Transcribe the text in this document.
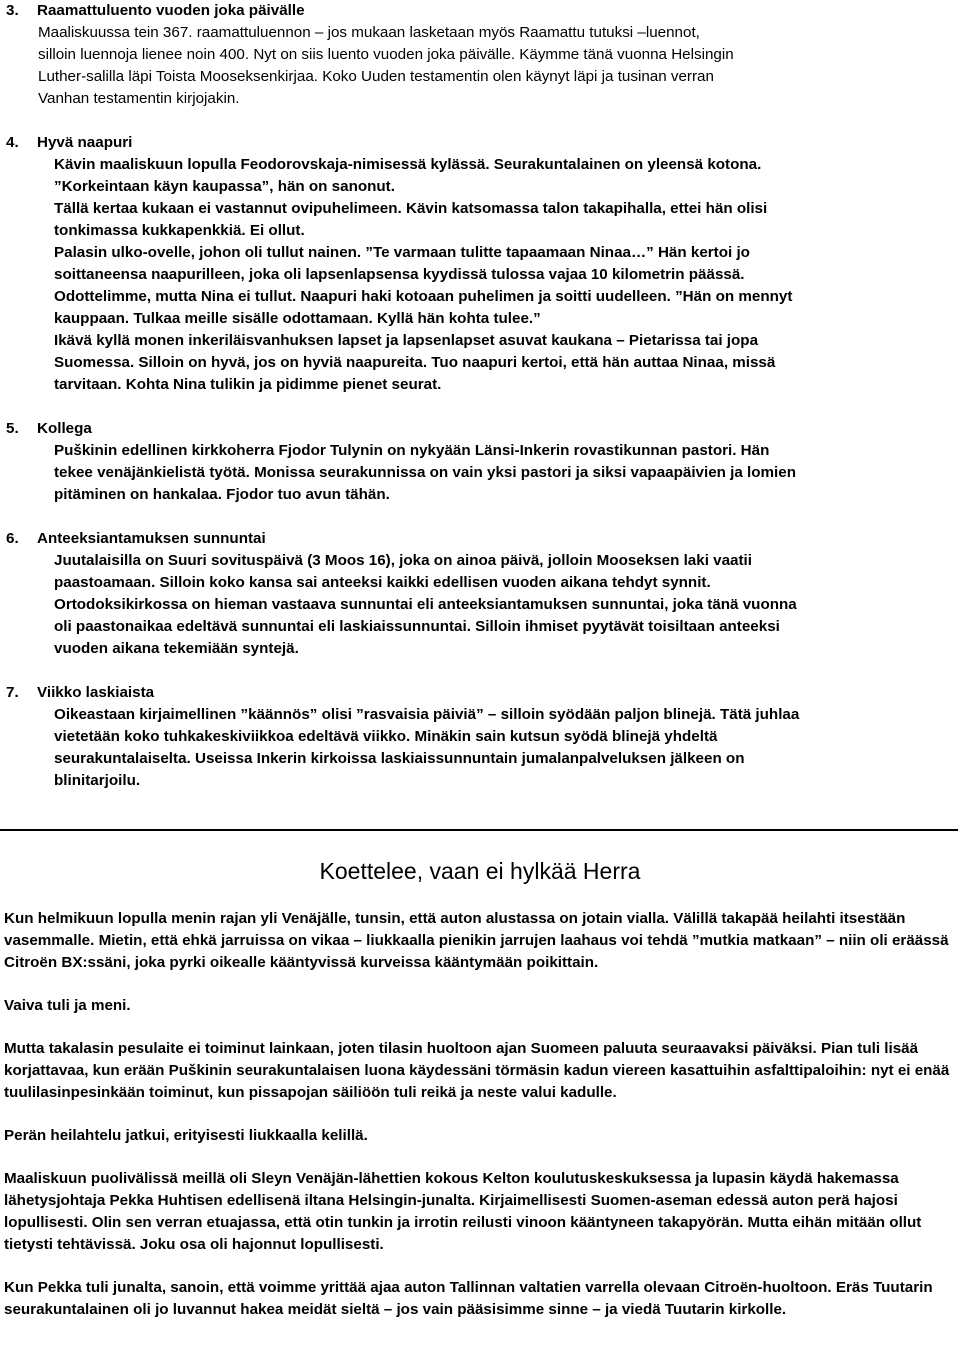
3. Raamattuluento vuoden joka päivälle

Maaliskuussa tein 367. raamattuluennon – jos mukaan lasketaan myös Raamattu tutuksi –luennot,

silloin luennoja lienee noin 400. Nyt on siis luento vuoden joka päivälle. Käymme tänä vuonna Helsingin

Luther-salilla läpi Toista Mooseksenkirjaa. Koko Uuden testamentin olen käynyt läpi ja tusinan verran

Vanhan testamentin kirjojakin.

4. Hyvä naapuri

Kävin maaliskuun lopulla Feodorovskaja-nimisessä kylässä. Seurakuntalainen on yleensä kotona.

”Korkeintaan käyn kaupassa”, hän on sanonut.

Tällä kertaa kukaan ei vastannut ovipuhelimeen. Kävin katsomassa talon takapihalla, ettei hän olisi

tonkimassa kukkapenkkiä. Ei ollut.

Palasin ulko-ovelle, johon oli tullut nainen. ”Te varmaan tulitte tapaamaan Ninaa…” Hän kertoi jo

soittaneensa naapurilleen, joka oli lapsenlapsensa kyydissä tulossa vajaa 10 kilometrin päässä.

Odottelimme, mutta Nina ei tullut. Naapuri haki kotoaan puhelimen ja soitti uudelleen. ”Hän on mennyt

kauppaan. Tulkaa meille sisälle odottamaan. Kyllä hän kohta tulee.”

Ikävä kyllä monen inkeriläisvanhuksen lapset ja lapsenlapset asuvat kaukana – Pietarissa tai jopa

Suomessa. Silloin on hyvä, jos on hyviä naapureita. Tuo naapuri kertoi, että hän auttaa Ninaa, missä

tarvitaan. Kohta Nina tulikin ja pidimme pienet seurat.

5. Kollega

Puškinin edellinen kirkkoherra Fjodor Tulynin on nykyään Länsi-Inkerin rovastikunnan pastori. Hän

tekee venäjänkielistä työtä. Monissa seurakunnissa on vain yksi pastori ja siksi vapaapäivien ja lomien

pitäminen on hankalaa. Fjodor tuo avun tähän.

6. Anteeksiantamuksen sunnuntai

Juutalaisilla on Suuri sovituspäivä (3 Moos 16), joka on ainoa päivä, jolloin Mooseksen laki vaatii

paastoamaan. Silloin koko kansa sai anteeksi kaikki edellisen vuoden aikana tehdyt synnit.

Ortodoksikirkossa on hieman vastaava sunnuntai eli anteeksiantamuksen sunnuntai, joka tänä vuonna

oli paastonaikaa edeltävä sunnuntai eli laskiaissunnuntai. Silloin ihmiset pyytävät toisiltaan anteeksi

vuoden aikana tekemiään syntejä.

7. Viikko laskiaista

Oikeastaan kirjaimellinen ”käännös” olisi ”rasvaisia päiviä” – silloin syödään paljon blinejä. Tätä juhlaa

vietetään koko tuhkakeskiviikkoa edeltävä viikko. Minäkin sain kutsun syödä blinejä yhdeltä

seurakuntalaiselta. Useissa Inkerin kirkoissa laskiaissunnuntain jumalanpalveluksen jälkeen on

blinitarjoilu.

Koettelee, vaan ei hylkää Herra

Kun helmikuun lopulla menin rajan yli Venäjälle, tunsin, että auton alustassa on jotain vialla. Välillä takapää heilahti itsestään vasemmalle. Mietin, että ehkä jarruissa on vikaa – liukkaalla pienikin jarrujen laahaus voi tehdä ”mutkia matkaan” – niin oli eräässä Citroën BX:ssäni, joka pyrki oikealle kääntyvissä kurveissa kääntymään poikittain.

Vaiva tuli ja meni.

Mutta takalasin pesulaite ei toiminut lainkaan, joten tilasin huoltoon ajan Suomeen paluuta seuraavaksi päiväksi. Pian tuli lisää korjattavaa, kun erään Puškinin seurakuntalaisen luona käydessäni törmäsin kadun viereen kasattuihin asfalttipaloihin: nyt ei enää tuulilasinpesinkään toiminut, kun pissapojan säiliöön tuli reikä ja neste valui kadulle.

Perän heilahtelu jatkui, erityisesti liukkaalla kelillä.

Maaliskuun puolivälissä meillä oli Sleyn Venäjän-lähettien kokous Kelton koulutuskeskuksessa ja lupasin käydä hakemassa lähetysjohtaja Pekka Huhtisen edellisenä iltana Helsingin-junalta. Kirjaimellisesti Suomen-aseman edessä auton perä hajosi lopullisesti. Olin sen verran etuajassa, että otin tunkin ja irrotin reilusti vinoon kääntyneen takapyörän. Mutta eihän mitään ollut tietysti tehtävissä. Joku osa oli hajonnut lopullisesti.

Kun Pekka tuli junalta, sanoin, että voimme yrittää ajaa auton Tallinnan valtatien varrella olevaan Citroën-huoltoon. Eräs Tuutarin seurakuntalainen oli jo luvannut hakea meidät sieltä – jos vain pääsisimme sinne – ja viedä Tuutarin kirkolle.
